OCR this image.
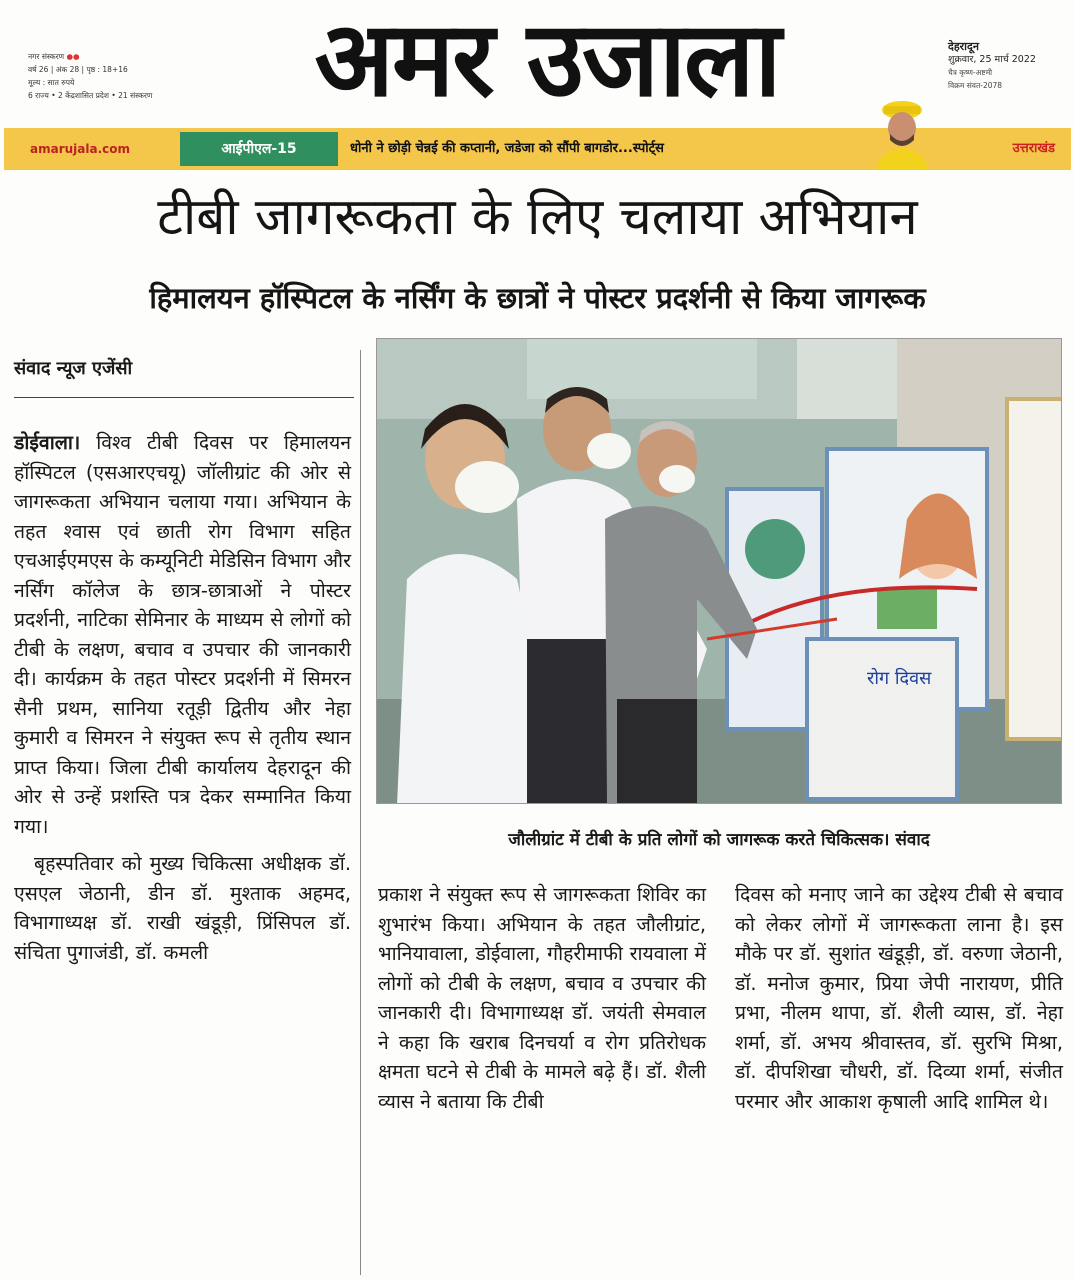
नगर संस्करण ●●
वर्ष 26 | अंक 28 | पृष्ठ : 18+16
मूल्य : सात रुपये
6 राज्य • 2 केंद्रशासित प्रदेश • 21 संस्करण	अमर उजाला	देहरादून
शुक्रवार, 25 मार्च 2022
चैत्र कृष्ण-अष्टमी
विक्रम संवत-2078
amarujala.com	आईपीएल-15	धोनी ने छोड़ी चेन्नई की कप्तानी, जडेजा को सौंपी बागडोर...स्पोर्ट्स	उत्तराखंड
टीबी जागरूकता के लिए चलाया अभियान
हिमालयन हॉस्पिटल के नर्सिंग के छात्रों ने पोस्टर प्रदर्शनी से किया जागरूक
संवाद न्यूज एजेंसी

डोईवाला। विश्व टीबी दिवस पर हिमालयन हॉस्पिटल (एसआरएचयू) जॉलीग्रांट की ओर से जागरूकता अभियान चलाया गया। अभियान के तहत श्वास एवं छाती रोग विभाग सहित एचआईएमएस के कम्यूनिटी मेडिसिन विभाग और नर्सिंग कॉलेज के छात्र-छात्राओं ने पोस्टर प्रदर्शनी, नाटिका सेमिनार के माध्यम से लोगों को टीबी के लक्षण, बचाव व उपचार की जानकारी दी। कार्यक्रम के तहत पोस्टर प्रदर्शनी में सिमरन सैनी प्रथम, सानिया रतूड़ी द्वितीय और नेहा कुमारी व सिमरन ने संयुक्त रूप से तृतीय स्थान प्राप्त किया। जिला टीबी कार्यालय देहरादून की ओर से उन्हें प्रशस्ति पत्र देकर सम्मानित किया गया।

बृहस्पतिवार को मुख्य चिकित्सा अधीक्षक डॉ. एसएल जेठानी, डीन डॉ. मुश्ताक अहमद, विभागाध्यक्ष डॉ. राखी खंडूड़ी, प्रिंसिपल डॉ. संचिता पुगाजंडी, डॉ. कमली

रोग दिवस
जौलीग्रांट में टीबी के प्रति लोगों को जागरूक करते चिकित्सक। संवाद

प्रकाश ने संयुक्त रूप से जागरूकता शिविर का शुभारंभ किया। अभियान के तहत जौलीग्रांट, भानियावाला, डोईवाला, गौहरीमाफी रायवाला में लोगों को टीबी के लक्षण, बचाव व उपचार की जानकारी दी। विभागाध्यक्ष डॉ. जयंती सेमवाल ने कहा कि खराब दिनचर्या व रोग प्रतिरोधक क्षमता घटने से टीबी के मामले बढ़े हैं। डॉ. शैली व्यास ने बताया कि टीबी

दिवस को मनाए जाने का उद्देश्य टीबी से बचाव को लेकर लोगों में जागरूकता लाना है। इस मौके पर डॉ. सुशांत खंडूड़ी, डॉ. वरुणा जेठानी, डॉ. मनोज कुमार, प्रिया जेपी नारायण, प्रीति प्रभा, नीलम थापा, डॉ. शैली व्यास, डॉ. नेहा शर्मा, डॉ. अभय श्रीवास्तव, डॉ. सुरभि मिश्रा, डॉ. दीपशिखा चौधरी, डॉ. दिव्या शर्मा, संजीत परमार और आकाश कृषाली आदि शामिल थे।
